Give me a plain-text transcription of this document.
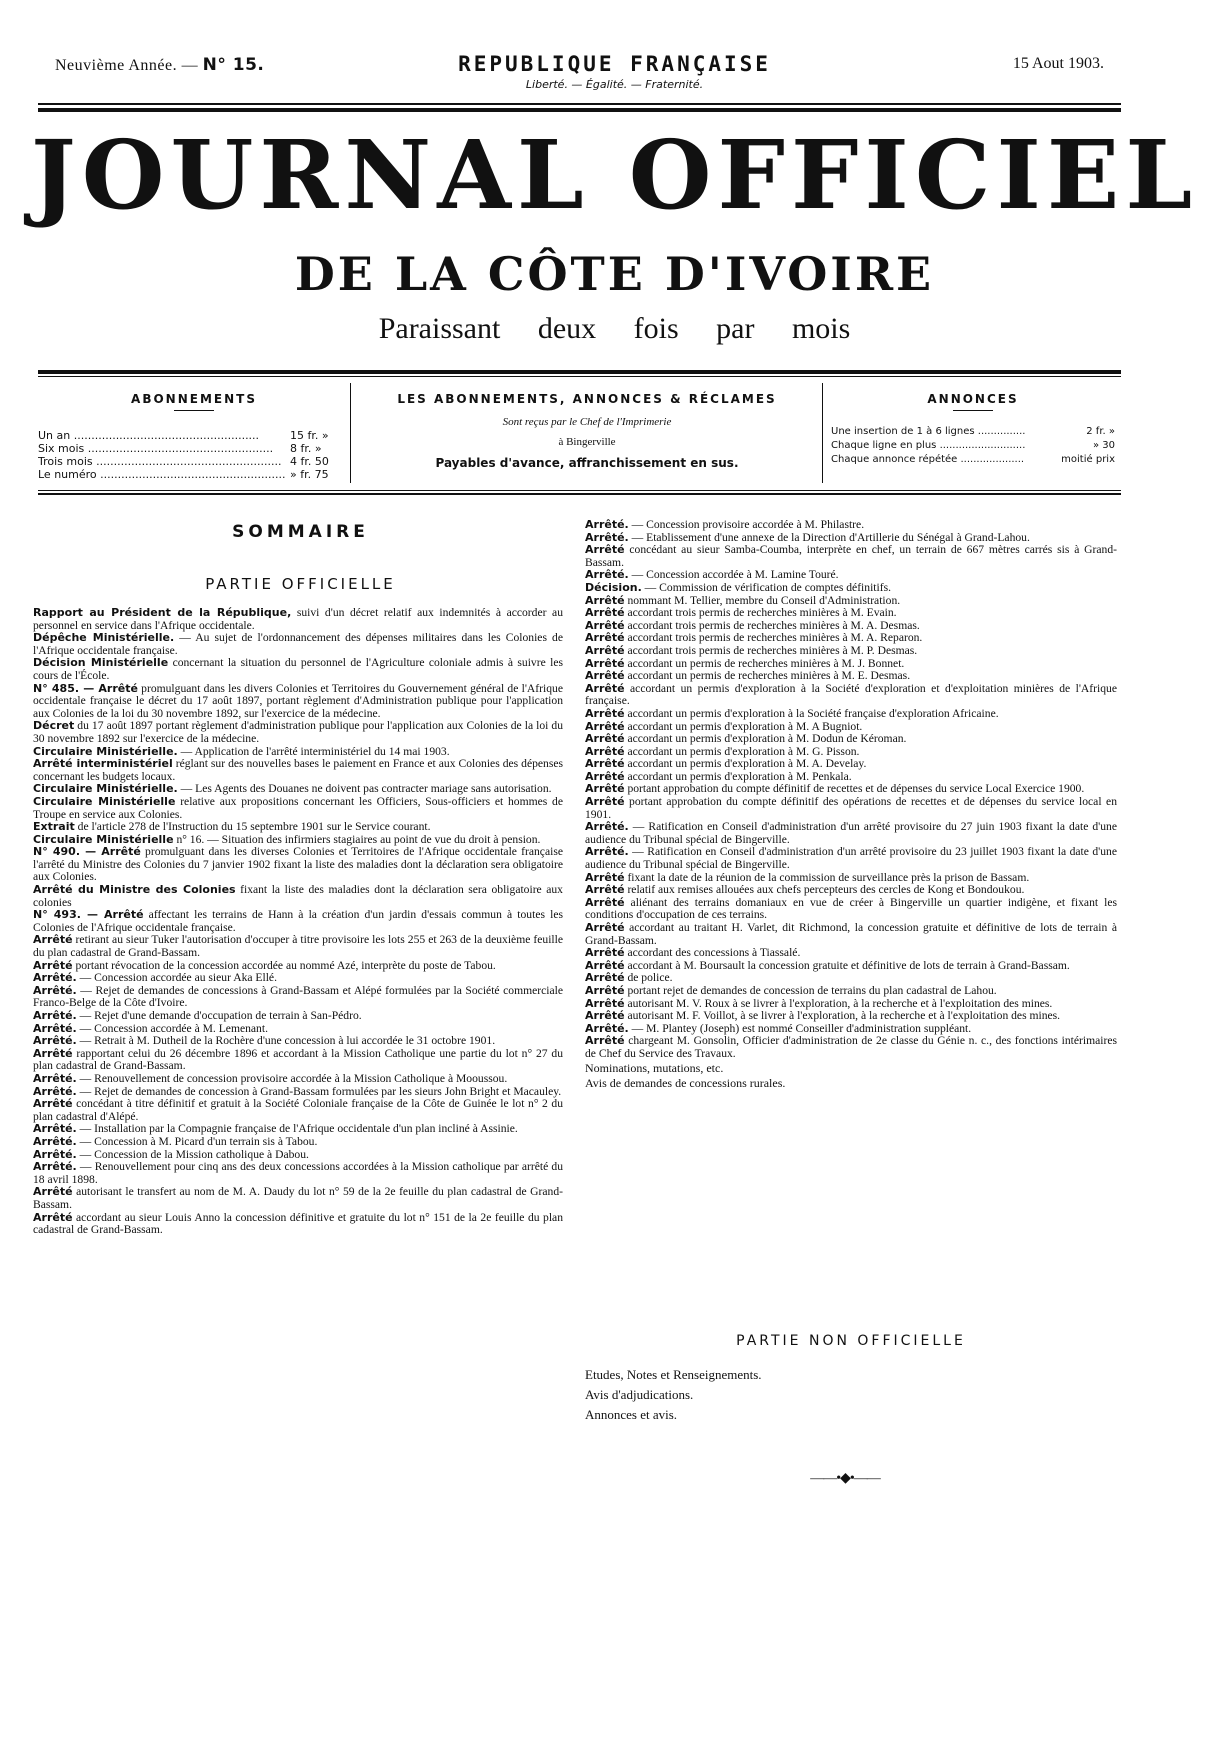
Neuvième Année. — N° 15.	REPUBLIQUE FRANÇAISE
Liberté. — Égalité. — Fraternité.
15 Aout 1903.
JOURNAL OFFICIEL
DE LA CÔTE D'IVOIRE
Paraissant deux fois par mois
ABONNEMENTS
Un an .....	15 fr. »
Six mois .....	8 fr. »
Trois mois .....	4 fr. 50
Le numéro .....	» fr. 75
LES ABONNEMENTS, ANNONCES & RÉCLAMES
Sont reçus par le Chef de l'Imprimerie
à Bingerville
Payables d'avance, affranchissement en sus.
ANNONCES
Une insertion de 1 à 6 lignes .....	2 fr. »
Chaque ligne en plus .....	» 30
Chaque annonce répétée .....	moitié prix
SOMMAIRE
PARTIE OFFICIELLE

Rapport au Président de la République, suivi d'un décret relatif aux indemnités à accorder au personnel en service dans l'Afrique occidentale.

Dépêche Ministérielle. — Au sujet de l'ordonnancement des dépenses militaires dans les Colonies de l'Afrique occidentale française.

Décision Ministérielle concernant la situation du personnel de l'Agriculture coloniale admis à suivre les cours de l'École.

N° 485. — Arrêté promulguant dans les divers Colonies et Territoires du Gouvernement général de l'Afrique occidentale française le décret du 17 août 1897, portant règlement d'Administration publique pour l'application aux Colonies de la loi du 30 novembre 1892, sur l'exercice de la médecine.

Décret du 17 août 1897 portant règlement d'administration publique pour l'application aux Colonies de la loi du 30 novembre 1892 sur l'exercice de la médecine.

Circulaire Ministérielle. — Application de l'arrêté interministériel du 14 mai 1903.

Arrêté interministériel réglant sur des nouvelles bases le paiement en France et aux Colonies des dépenses concernant les budgets locaux.

Circulaire Ministérielle. — Les Agents des Douanes ne doivent pas contracter mariage sans autorisation.

Circulaire Ministérielle relative aux propositions concernant les Officiers, Sous-officiers et hommes de Troupe en service aux Colonies.

Extrait de l'article 278 de l'Instruction du 15 septembre 1901 sur le Service courant.

Circulaire Ministérielle n° 16. — Situation des infirmiers stagiaires au point de vue du droit à pension.

N° 490. — Arrêté promulguant dans les diverses Colonies et Territoires de l'Afrique occidentale française l'arrêté du Ministre des Colonies du 7 janvier 1902 fixant la liste des maladies dont la déclaration sera obligatoire aux Colonies.

Arrêté du Ministre des Colonies fixant la liste des maladies dont la déclaration sera obligatoire aux colonies

N° 493. — Arrêté affectant les terrains de Hann à la création d'un jardin d'essais commun à toutes les Colonies de l'Afrique occidentale française.

Arrêté retirant au sieur Tuker l'autorisation d'occuper à titre provisoire les lots 255 et 263 de la deuxième feuille du plan cadastral de Grand-Bassam.

Arrêté portant révocation de la concession accordée au nommé Azé, interprète du poste de Tabou.

Arrêté. — Concession accordée au sieur Aka Ellé.

Arrêté. — Rejet de demandes de concessions à Grand-Bassam et Alépé formulées par la Société commerciale Franco-Belge de la Côte d'Ivoire.

Arrêté. — Rejet d'une demande d'occupation de terrain à San-Pédro.

Arrêté. — Concession accordée à M. Lemenant.

Arrêté. — Retrait à M. Dutheil de la Rochère d'une concession à lui accordée le 31 octobre 1901.

Arrêté rapportant celui du 26 décembre 1896 et accordant à la Mission Catholique une partie du lot n° 27 du plan cadastral de Grand-Bassam.

Arrêté. — Renouvellement de concession provisoire accordée à la Mission Catholique à Mooussou.

Arrêté. — Rejet de demandes de concession à Grand-Bassam formulées par les sieurs John Bright et Macauley.

Arrêté concédant à titre définitif et gratuit à la Société Coloniale française de la Côte de Guinée le lot n° 2 du plan cadastral d'Alépé.

Arrêté. — Installation par la Compagnie française de l'Afrique occidentale d'un plan incliné à Assinie.

Arrêté. — Concession à M. Picard d'un terrain sis à Tabou.

Arrêté. — Concession de la Mission catholique à Dabou.

Arrêté. — Renouvellement pour cinq ans des deux concessions accordées à la Mission catholique par arrêté du 18 avril 1898.

Arrêté autorisant le transfert au nom de M. A. Daudy du lot n° 59 de la 2e feuille du plan cadastral de Grand-Bassam.

Arrêté accordant au sieur Louis Anno la concession définitive et gratuite du lot n° 151 de la 2e feuille du plan cadastral de Grand-Bassam.

Arrêté. — Concession provisoire accordée à M. Philastre.

Arrêté. — Etablissement d'une annexe de la Direction d'Artillerie du Sénégal à Grand-Lahou.

Arrêté concédant au sieur Samba-Coumba, interprète en chef, un terrain de 667 mètres carrés sis à Grand-Bassam.

Arrêté. — Concession accordée à M. Lamine Touré.

Décision. — Commission de vérification de comptes définitifs.

Arrêté nommant M. Tellier, membre du Conseil d'Administration.

Arrêté accordant trois permis de recherches minières à M. Evain.

Arrêté accordant trois permis de recherches minières à M. A. Desmas.

Arrêté accordant trois permis de recherches minières à M. A. Reparon.

Arrêté accordant trois permis de recherches minières à M. P. Desmas.

Arrêté accordant un permis de recherches minières à M. J. Bonnet.

Arrêté accordant un permis de recherches minières à M. E. Desmas.

Arrêté accordant un permis d'exploration à la Société d'exploration et d'exploitation minières de l'Afrique française.

Arrêté accordant un permis d'exploration à la Société française d'exploration Africaine.

Arrêté accordant un permis d'exploration à M. A Bugniot.

Arrêté accordant un permis d'exploration à M. Dodun de Kéroman.

Arrêté accordant un permis d'exploration à M. G. Pisson.

Arrêté accordant un permis d'exploration à M. A. Develay.

Arrêté accordant un permis d'exploration à M. Penkala.

Arrêté portant approbation du compte définitif de recettes et de dépenses du service Local Exercice 1900.

Arrêté portant approbation du compte définitif des opérations de recettes et de dépenses du service local en 1901.

Arrêté. — Ratification en Conseil d'administration d'un arrêté provisoire du 27 juin 1903 fixant la date d'une audience du Tribunal spécial de Bingerville.

Arrêté. — Ratification en Conseil d'administration d'un arrêté provisoire du 23 juillet 1903 fixant la date d'une audience du Tribunal spécial de Bingerville.

Arrêté fixant la date de la réunion de la commission de surveillance près la prison de Bassam.

Arrêté relatif aux remises allouées aux chefs percepteurs des cercles de Kong et Bondoukou.

Arrêté aliénant des terrains domaniaux en vue de créer à Bingerville un quartier indigène, et fixant les conditions d'occupation de ces terrains.

Arrêté accordant au traitant H. Varlet, dit Richmond, la concession gratuite et définitive de lots de terrain à Grand-Bassam.

Arrêté accordant des concessions à Tiassalé.

Arrêté accordant à M. Boursault la concession gratuite et définitive de lots de terrain à Grand-Bassam.

Arrêté de police.

Arrêté portant rejet de demandes de concession de terrains du plan cadastral de Lahou.

Arrêté autorisant M. V. Roux à se livrer à l'exploration, à la recherche et à l'exploitation des mines.

Arrêté autorisant M. F. Voillot, à se livrer à l'exploration, à la recherche et à l'exploitation des mines.

Arrêté. — M. Plantey (Joseph) est nommé Conseiller d'administration suppléant.

Arrêté chargeant M. Gonsolin, Officier d'administration de 2e classe du Génie n. c., des fonctions intérimaires de Chef du Service des Travaux.

Nominations, mutations, etc.

Avis de demandes de concessions rurales.

PARTIE NON OFFICIELLE
Etudes, Notes et Renseignements.
Avis d'adjudications.
Annonces et avis.
——•◆•——
